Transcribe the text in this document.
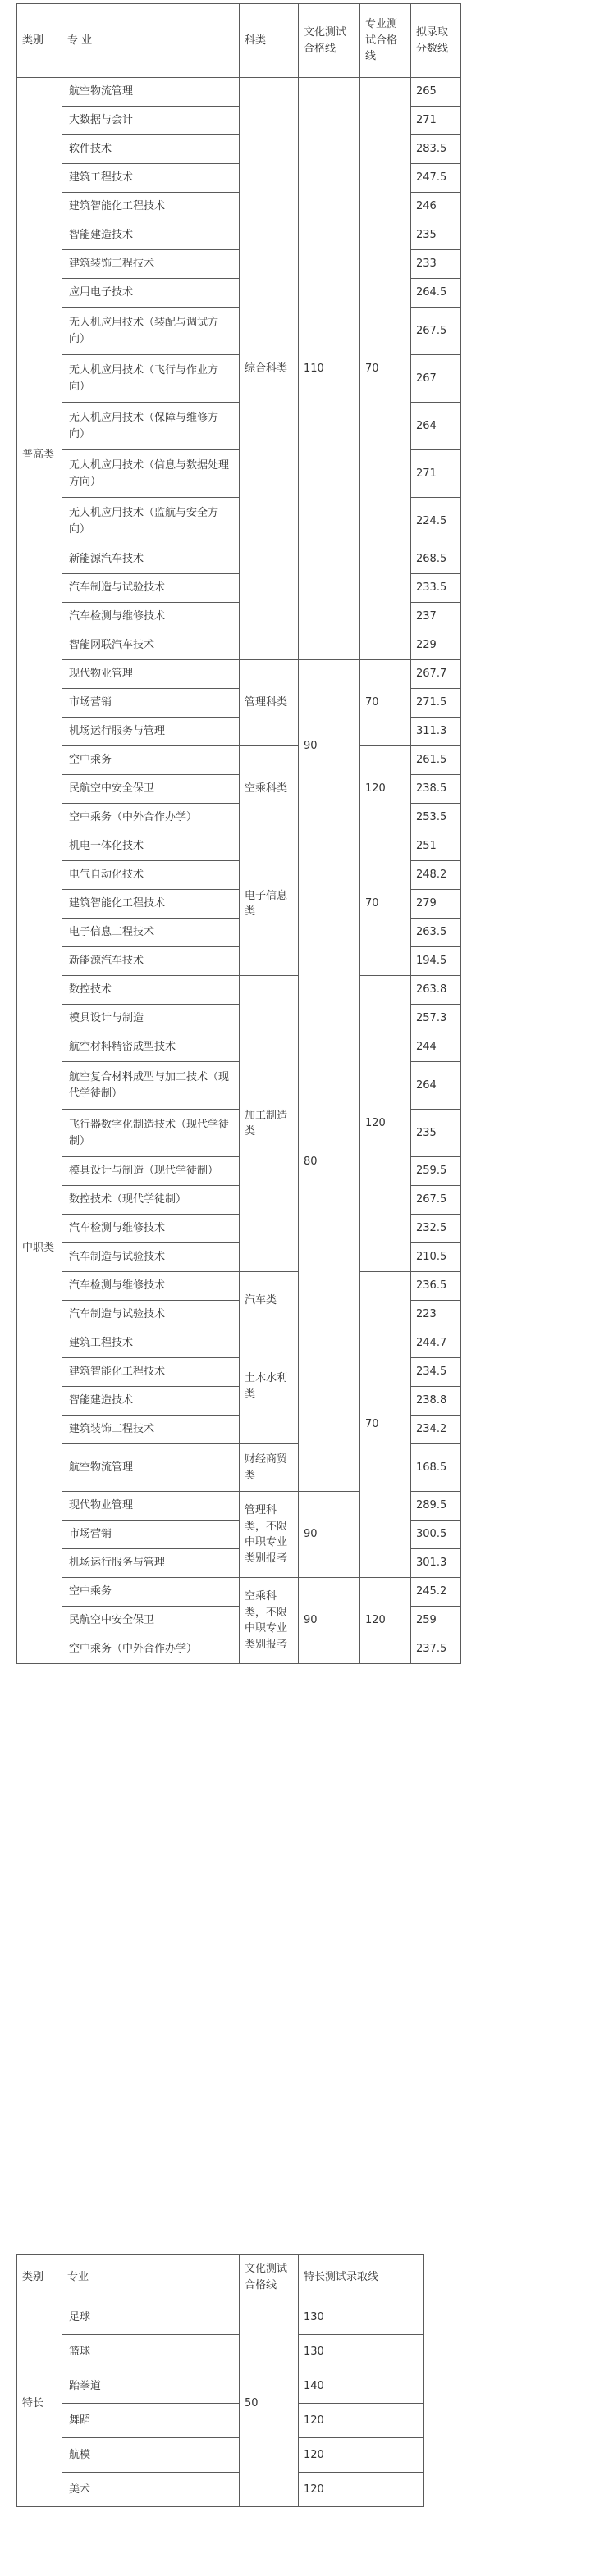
类别	专 业	科类	文化测试合格线	专业测试合格线	拟录取分数线
普高类	航空物流管理	综合科类	110	70	265
	大数据与会计				271
	软件技术				283.5
	建筑工程技术				247.5
	建筑智能化工程技术				246
	智能建造技术				235
	建筑装饰工程技术				233
	应用电子技术				264.5
	无人机应用技术（装配与调试方向）				267.5
	无人机应用技术（飞行与作业方向）				267
	无人机应用技术（保障与维修方向）				264
	无人机应用技术（信息与数据处理方向）				271
	无人机应用技术（监航与安全方向）				224.5
	新能源汽车技术				268.5
	汽车制造与试验技术				233.5
	汽车检测与维修技术				237
	智能网联汽车技术				229
	现代物业管理	管理科类	90	70	267.7
	市场营销				271.5
	机场运行服务与管理				311.3
	空中乘务	空乘科类		120	261.5
	民航空中安全保卫				238.5
	空中乘务（中外合作办学）				253.5
中职类	机电一体化技术	电子信息类	80	70	251
	电气自动化技术				248.2
	建筑智能化工程技术				279
	电子信息工程技术				263.5
	新能源汽车技术				194.5
	数控技术	加工制造类		120	263.8
	模具设计与制造				257.3
	航空材料精密成型技术				244
	航空复合材料成型与加工技术（现代学徒制）				264
	飞行器数字化制造技术（现代学徒制）				235
	模具设计与制造（现代学徒制）				259.5
	数控技术（现代学徒制）				267.5
	汽车检测与维修技术				232.5
	汽车制造与试验技术				210.5
	汽车检测与维修技术	汽车类		70	236.5
	汽车制造与试验技术				223
	建筑工程技术	土木水利类			244.7
	建筑智能化工程技术				234.5
	智能建造技术				238.8
	建筑装饰工程技术				234.2
	航空物流管理	财经商贸类			168.5
	现代物业管理	管理科类，不限中职专业类别报考	90		289.5
	市场营销				300.5
	机场运行服务与管理				301.3
	空中乘务	空乘科类，不限中职专业类别报考	90	120	245.2
	民航空中安全保卫				259
	空中乘务（中外合作办学）				237.5
类别	专业	文化测试合格线	特长测试录取线
特长	足球	50	130
	篮球		130
	跆拳道		140
	舞蹈		120
	航模		120
	美术		120
